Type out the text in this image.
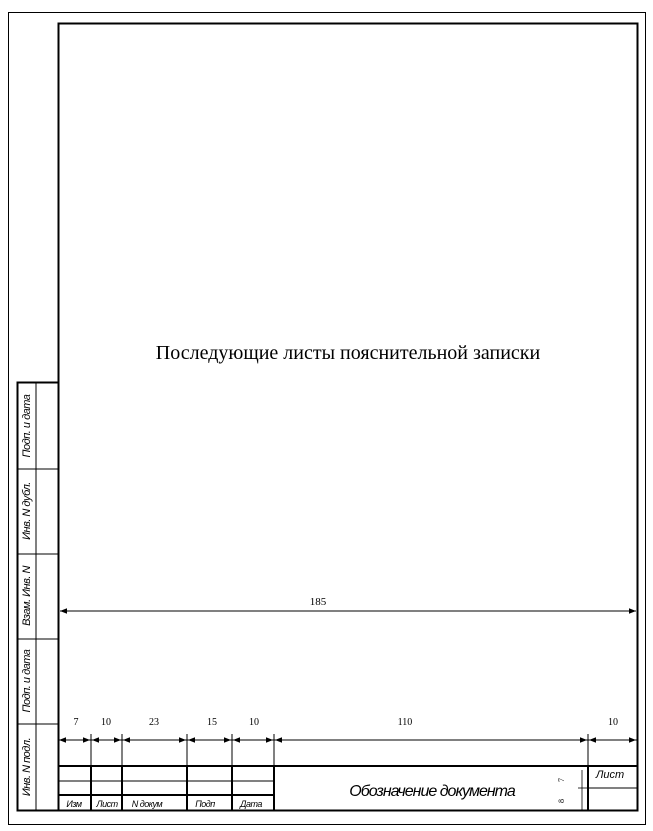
Последующие листы пояснительной записки
185
7 10	23	15	10	110	10
Изм Лист N докум	Подп	Дата
Обозначение документа
Лист
7
8
Подп. и дата
Инв. N дубл.
Взам. Инв. N
Подп. и дата
Инв. N подл.
